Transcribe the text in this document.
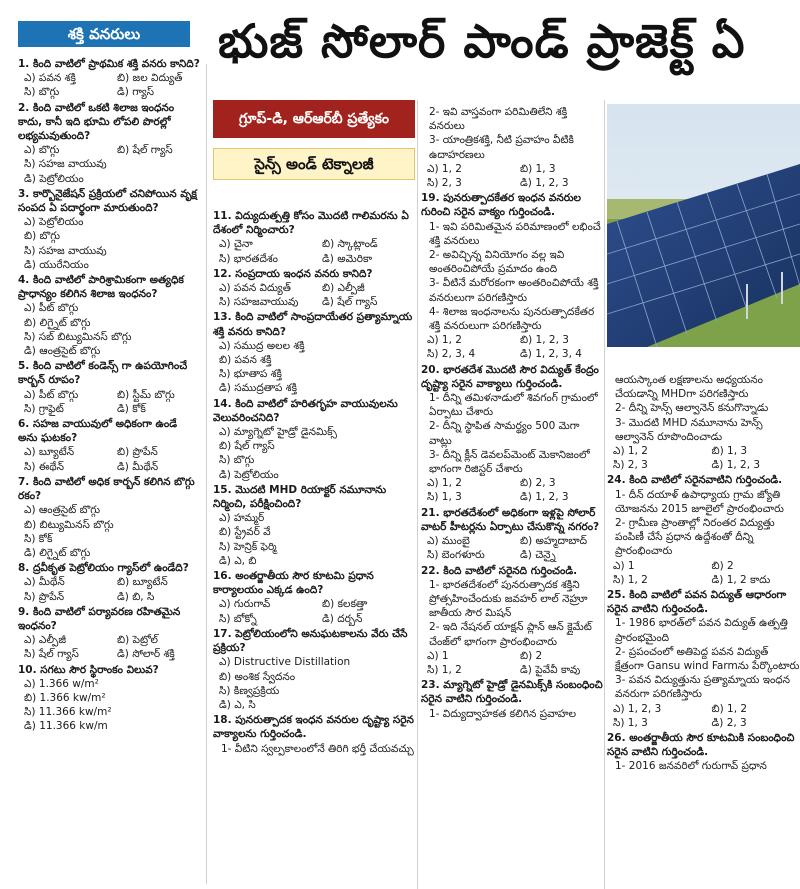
శక్తి వనరులు	భుజ్ సోలార్ పాండ్ ప్రాజెక్ట్ ఏ
గ్రూప్-డి, ఆర్ఆర్‌బీ ప్రత్యేకం
సైన్స్ అండ్ టెక్నాలజీ
1. కింది వాటిలో ప్రాథమిక శక్తి వనరు కానిది?
ఎ) పవన శక్తి	బి) జల విద్యుత్
సి) బొగ్గు	డి) గ్యాస్
2. కింది వాటిలో ఒకటి శిలాజ ఇంధనం కాదు, కానీ ఇది భూమి లోపలి పొరల్లో లభ్యమవుతుంది?
ఎ) బొగ్గు	బి) షేల్ గ్యాస్
సి) సహజ వాయువు
డి) పెట్రోలియం
3. కార్బొనైజేషన్ ప్రక్రియలో చనిపోయిన వృక్ష సంపద ఏ పదార్థంగా మారుతుంది?
ఎ) పెట్రోలియం
బి) బొగ్గు
సి) సహజ వాయువు
డి) యురేనియం
4. కింది వాటిలో పారిశ్రామికంగా అత్యధిక ప్రాధాన్యం కలిగిన శిలాజ ఇంధనం?
ఎ) పీట్ బొగ్గు
బి) లిగ్నైట్ బొగ్గు
సి) సబ్ బిట్యుమినస్ బొగ్గు
డి) ఆంత్రసైట్ బొగ్గు
5. కింది వాటిలో కండెన్స్ గా ఉపయోగించే కార్బన్ రూపం?
ఎ) పీట్ బొగ్గు	బి) స్టీమ్ బొగ్గు
సి) గ్రాఫైట్	డి) కోక్
6. సహజ వాయువులో అధికంగా ఉండే అను ఘటకం?
ఎ) బ్యూటేన్	బి) ప్రొపేన్
సి) ఈథేన్	డి) మీథేన్
7. కింది వాటిలో అధిక కార్బన్ కలిగిన బొగ్గు రకం?
ఎ) ఆంత్రసైట్ బొగ్గు
బి) బిట్యుమినస్ బొగ్గు
సి) కోక్
డి) లిగ్నైట్ బొగ్గు
8. ద్రవీకృత పెట్రోలియం గ్యాస్‌లో ఉండేది?
ఎ) మీథేన్	బి) బ్యూటేన్
సి) ప్రొపేన్	డి) బి, సి
9. కింది వాటిలో పర్యావరణ రహితమైన ఇంధనం?
ఎ) ఎల్పీజీ	బి) పెట్రోల్
సి) షేల్ గ్యాస్	డి) సోలార్ శక్తి
10. సగటు సౌర స్థిరాంకం విలువ?
ఎ) 1.366 w/m²
బి) 1.366 kw/m²
సి) 11.366 kw/m²
డి) 11.366 kw/m
11. విద్యుదుత్పత్తి కోసం మొదటి గాలిమరను ఏ దేశంలో నిర్మించారు?
ఎ) చైనా	బి) స్కాట్లాండ్
సి) భారతదేశం	డి) అమెరికా
12. సంప్రదాయ ఇంధన వనరు కానిది?
ఎ) పవన విద్యుత్	బి) ఎల్పీజీ
సి) సహజవాయువు	డి) షేల్ గ్యాస్
13. కింది వాటిలో సాంప్రదాయేతర ప్రత్యామ్నాయ శక్తి వనరు కానిది?
ఎ) సముద్ర అలల శక్తి
బి) పవన శక్తి
సి) భూతాప శక్తి
డి) సముద్రతాప శక్తి
14. కింది వాటిలో హరితగృహ వాయువులను వెలువరించనిది?
ఎ) మ్యాగ్నెటో హైడ్రో డైనమిక్స్
బి) షేల్ గ్యాస్
సి) బొగ్గు
డి) పెట్రోలియం
15. మొదటి MHD రియాక్టర్ నమూనాను నిర్మించి, పరీక్షించింది?
ఎ) హమ్మర్
బి) స్ట్రేవర్ వే
సి) హెన్రిక్ ఫెర్మి
డి) ఎ, బి
16. అంతర్జాతీయ సౌర కూటమి ప్రధాన కార్యాలయం ఎక్కడ ఉంది?
ఎ) గురుగావ్	బి) కలకత్తా
సి) బోక్నో	డి) దర్బన్
17. పెట్రోలియంలోని అనుఘటకాలను వేరు చేసే ప్రక్రియ?
ఎ) Distructive Distillation
బి) అంశిక స్వేదనం
సి) కిణ్వప్రక్రియ
డి) ఎ, సి
18. పునరుత్పాదక ఇంధన వనరుల దృష్ట్యా సరైన వాక్యాలను గుర్తించండి.
1- వీటిని స్వల్పకాలంలోనే తిరిగి భర్తీ చేయవచ్చు
2- ఇవి వాస్తవంగా పరిమితిలేని శక్తి వనరులు
3- యాంత్రికశక్తి, నీటి ప్రవాహం వీటికి ఉదాహరణలు
ఎ) 1, 2	బి) 1, 3
సి) 2, 3	డి) 1, 2, 3
19. పునరుత్పాదకేతర ఇంధన వనరుల గురించి సరైన వాక్యం గుర్తించండి.
1- ఇవి పరిమితమైన పరిమాణంలో లభించే శక్తి వనరులు
2- అవిచ్ఛిన్న వినియోగం వల్ల ఇవి అంతరించిపోయే ప్రమాదం ఉంది
3- వీటినే మరోరకంగా అంతరించిపోయే శక్తి వనరులుగా పరిగణిస్తారు
4- శిలాజ ఇంధనాలను పునరుత్పాదకేతర శక్తి వనరులుగా పరిగణిస్తారు
ఎ) 1, 2	బి) 1, 2, 3
సి) 2, 3, 4	డి) 1, 2, 3, 4
20. భారతదేశ మొదటి సౌర విద్యుత్ కేంద్రం దృష్ట్యా సరైన వాక్యాలు గుర్తించండి.
1- దీన్ని తమిళనాడులో శివగంగ్ గ్రామంలో ఏర్పాటు చేశారు
2- దీన్ని స్థాపిత సామర్థ్యం 500 మెగా వాట్లు
3- దీన్ని క్లీన్ డెవలప్‌మెంట్ మెకానిజంలో భాగంగా రిజిస్టర్ చేశారు
ఎ) 1, 2	బి) 2, 3
సి) 1, 3	డి) 1, 2, 3
21. భారతదేశంలో అధికంగా ఇళ్లపై సోలార్ వాటర్ హీటర్లను ఏర్పాటు చేసుకొన్న నగరం?
ఎ) ముంబై	బి) అహ్మదాబాద్
సి) బెంగళూరు	డి) చెన్నై
22. కింది వాటిలో సరైనది గుర్తించండి.
1- భారతదేశంలో పునరుత్పాదక శక్తిని ప్రోత్సహించేందుకు జవహర్ లాల్ నెహ్రూ జాతీయ సౌర మిషన్
2- ఇది నేషనల్ యాక్షన్ ప్లాన్ ఆన్ క్లైమేట్ చేంజ్‌లో భాగంగా ప్రారంభించారు
ఎ) 1	బి) 2
సి) 1, 2	డి) పైవేవీ కావు
23. మ్యాగ్నెటో హైడ్రో డైనమిక్స్‌కి సంబంధించి సరైన వాటిని గుర్తించండి.
1- విద్యుద్వాహకత కలిగిన ప్రవాహల
ఆయస్కాంత లక్షణాలను అధ్యయనం చేయడాన్ని MHDగా పరిగణిస్తారు
2- దీన్ని హెన్స్ ఆల్వానెన్ కనుగొన్నాడు
3- మొదటి MHD నమూనాను హెన్స్ ఆల్వానెన్ రూపొందించాడు
ఎ) 1, 2	బి) 1, 3
సి) 2, 3	డి) 1, 2, 3
24. కింది వాటిలో సరైనవాటిని గుర్తించండి.
1- దీన్ దయాళ్ ఉపాధ్యాయ గ్రామ జ్యోతి యోజనను 2015 జూలైలో ప్రారంభించారు
2- గ్రామీణ ప్రాంతాల్లో నిరంతర విద్యుత్తు పంపిణీ చేసే ప్రధాన ఉద్దేశంతో దీన్ని ప్రారంభించారు
ఎ) 1	బి) 2
సి) 1, 2	డి) 1, 2 కాదు
25. కింది వాటిలో పవన విద్యుత్ ఆధారంగా సరైన వాటిని గుర్తించండి.
1- 1986 భారత్‌లో పవన విద్యుత్ ఉత్పత్తి ప్రారంభమైంది
2- ప్రపంచంలో అతిపెద్ద పవన విద్యుత్ క్షేత్రంగా Gansu wind Farmను పేర్కొంటారు
3- పవన విద్యుత్తును ప్రత్యామ్నాయ ఇంధన వనరుగా పరిగణిస్తారు
ఎ) 1, 2, 3	బి) 1, 2
సి) 1, 3	డి) 2, 3
26. అంతర్జాతీయ సౌర కూటమికి సంబంధించి సరైన వాటిని గుర్తించండి.
1- 2016 జనవరిలో గురుగావ్ ప్రధాన
